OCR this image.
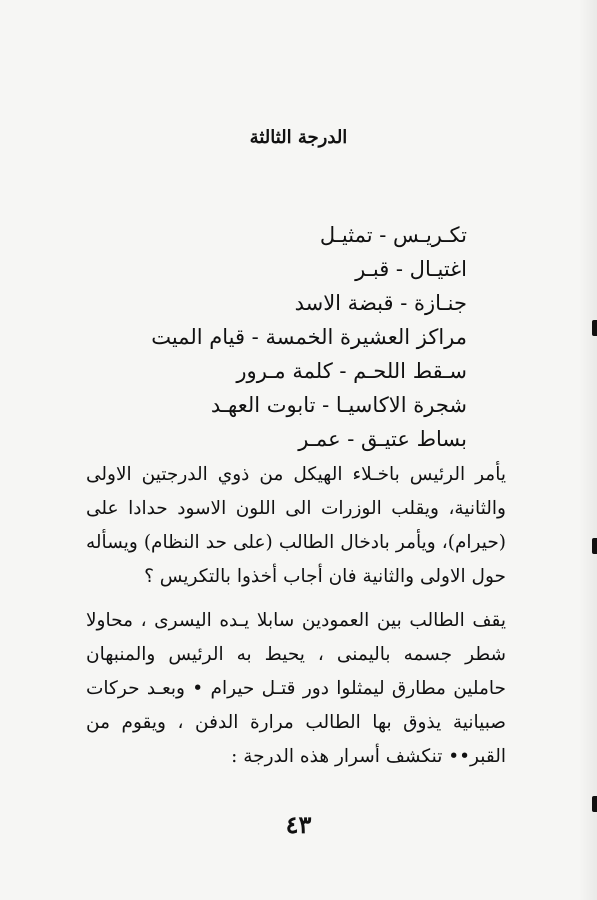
الدرجة الثالثة
تكـريـس - تمثيـل
اغتيـال - قبـر
جنـازة - قبضة الاسد
مراكز العشيرة الخمسة - قيام الميت
سـقط اللحـم - كلمة مـرور
شجرة الاكاسيـا - تابوت العهـد
بساط عتيـق - عمـر
يأمر الرئيس باخـلاء الهيكل من ذوي الدرجتين الاولى والثانية، ويقلب الوزرات الى اللون الاسود حدادا على (حيرام)، ويأمر بادخال الطالب (على حد النظام) ويسأله حول الاولى والثانية فان أجاب أخذوا بالتكريس ؟
يقف الطالب بين العمودين سابلا يـده اليسرى ، محاولا شطر جسمه باليمنى ، يحيط به الرئيس والمنبهان حاملين مطارق ليمثلوا دور قتـل حيرام • وبعـد حركات صبيانية يذوق بها الطالب مرارة الدفن ، ويقوم من القبر•• تنكشف أسرار هذه الدرجة :
٤٣
